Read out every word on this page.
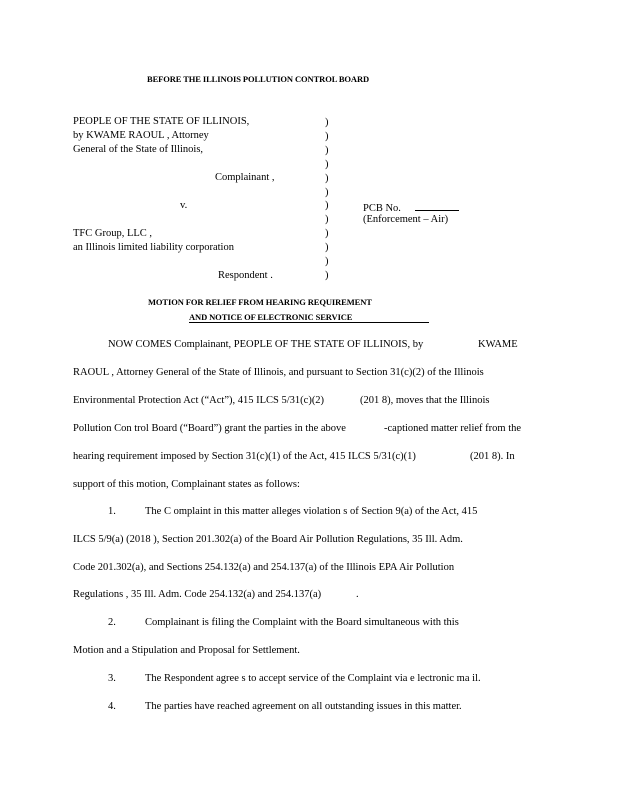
BEFORE THE ILLINOIS POLLUTION CONTROL BOARD
PEOPLE OF THE STATE OF ILLINOIS,
by KWAME RAOUL , Attorney
General of the State of Illinois,
Complainant ,
v.	PCB No.
(Enforcement – Air)
TFC Group, LLC ,
an Illinois limited liability corporation
Respondent .
)
)
)
)
)
)
)
)
)
)
)
)
MOTION FOR RELIEF FROM HEARING REQUIREMENT
AND NOTICE OF ELECTRONIC SERVICE
NOW COMES Complainant, PEOPLE OF THE STATE OF ILLINOIS, by	KWAME
RAOUL , Attorney General of the State of Illinois, and pursuant to Section 31(c)(2) of the Illinois
Environmental Protection Act (“Act”), 415 ILCS 5/31(c)(2)	(201 8), moves that the Illinois
Pollution Con trol Board (“Board”) grant the parties in the above	-captioned matter relief from the
hearing requirement imposed by Section 31(c)(1) of the Act, 415 ILCS 5/31(c)(1)	(201 8). In
support of this motion, Complainant states as follows:
1.	The C omplaint in this matter alleges violation s of Section 9(a) of the Act, 415
ILCS 5/9(a) (2018 ), Section 201.302(a) of the Board Air Pollution Regulations, 35 Ill. Adm.
Code 201.302(a), and Sections 254.132(a) and 254.137(a) of the Illinois EPA Air Pollution
Regulations , 35 Ill. Adm. Code 254.132(a) and 254.137(a)	.
2.	Complainant is filing the Complaint with the Board simultaneous with this
Motion and a Stipulation and Proposal for Settlement.
3.	The Respondent agree s to accept service of the Complaint via e lectronic ma il.
4.	The parties have reached agreement on all outstanding issues in this matter.
